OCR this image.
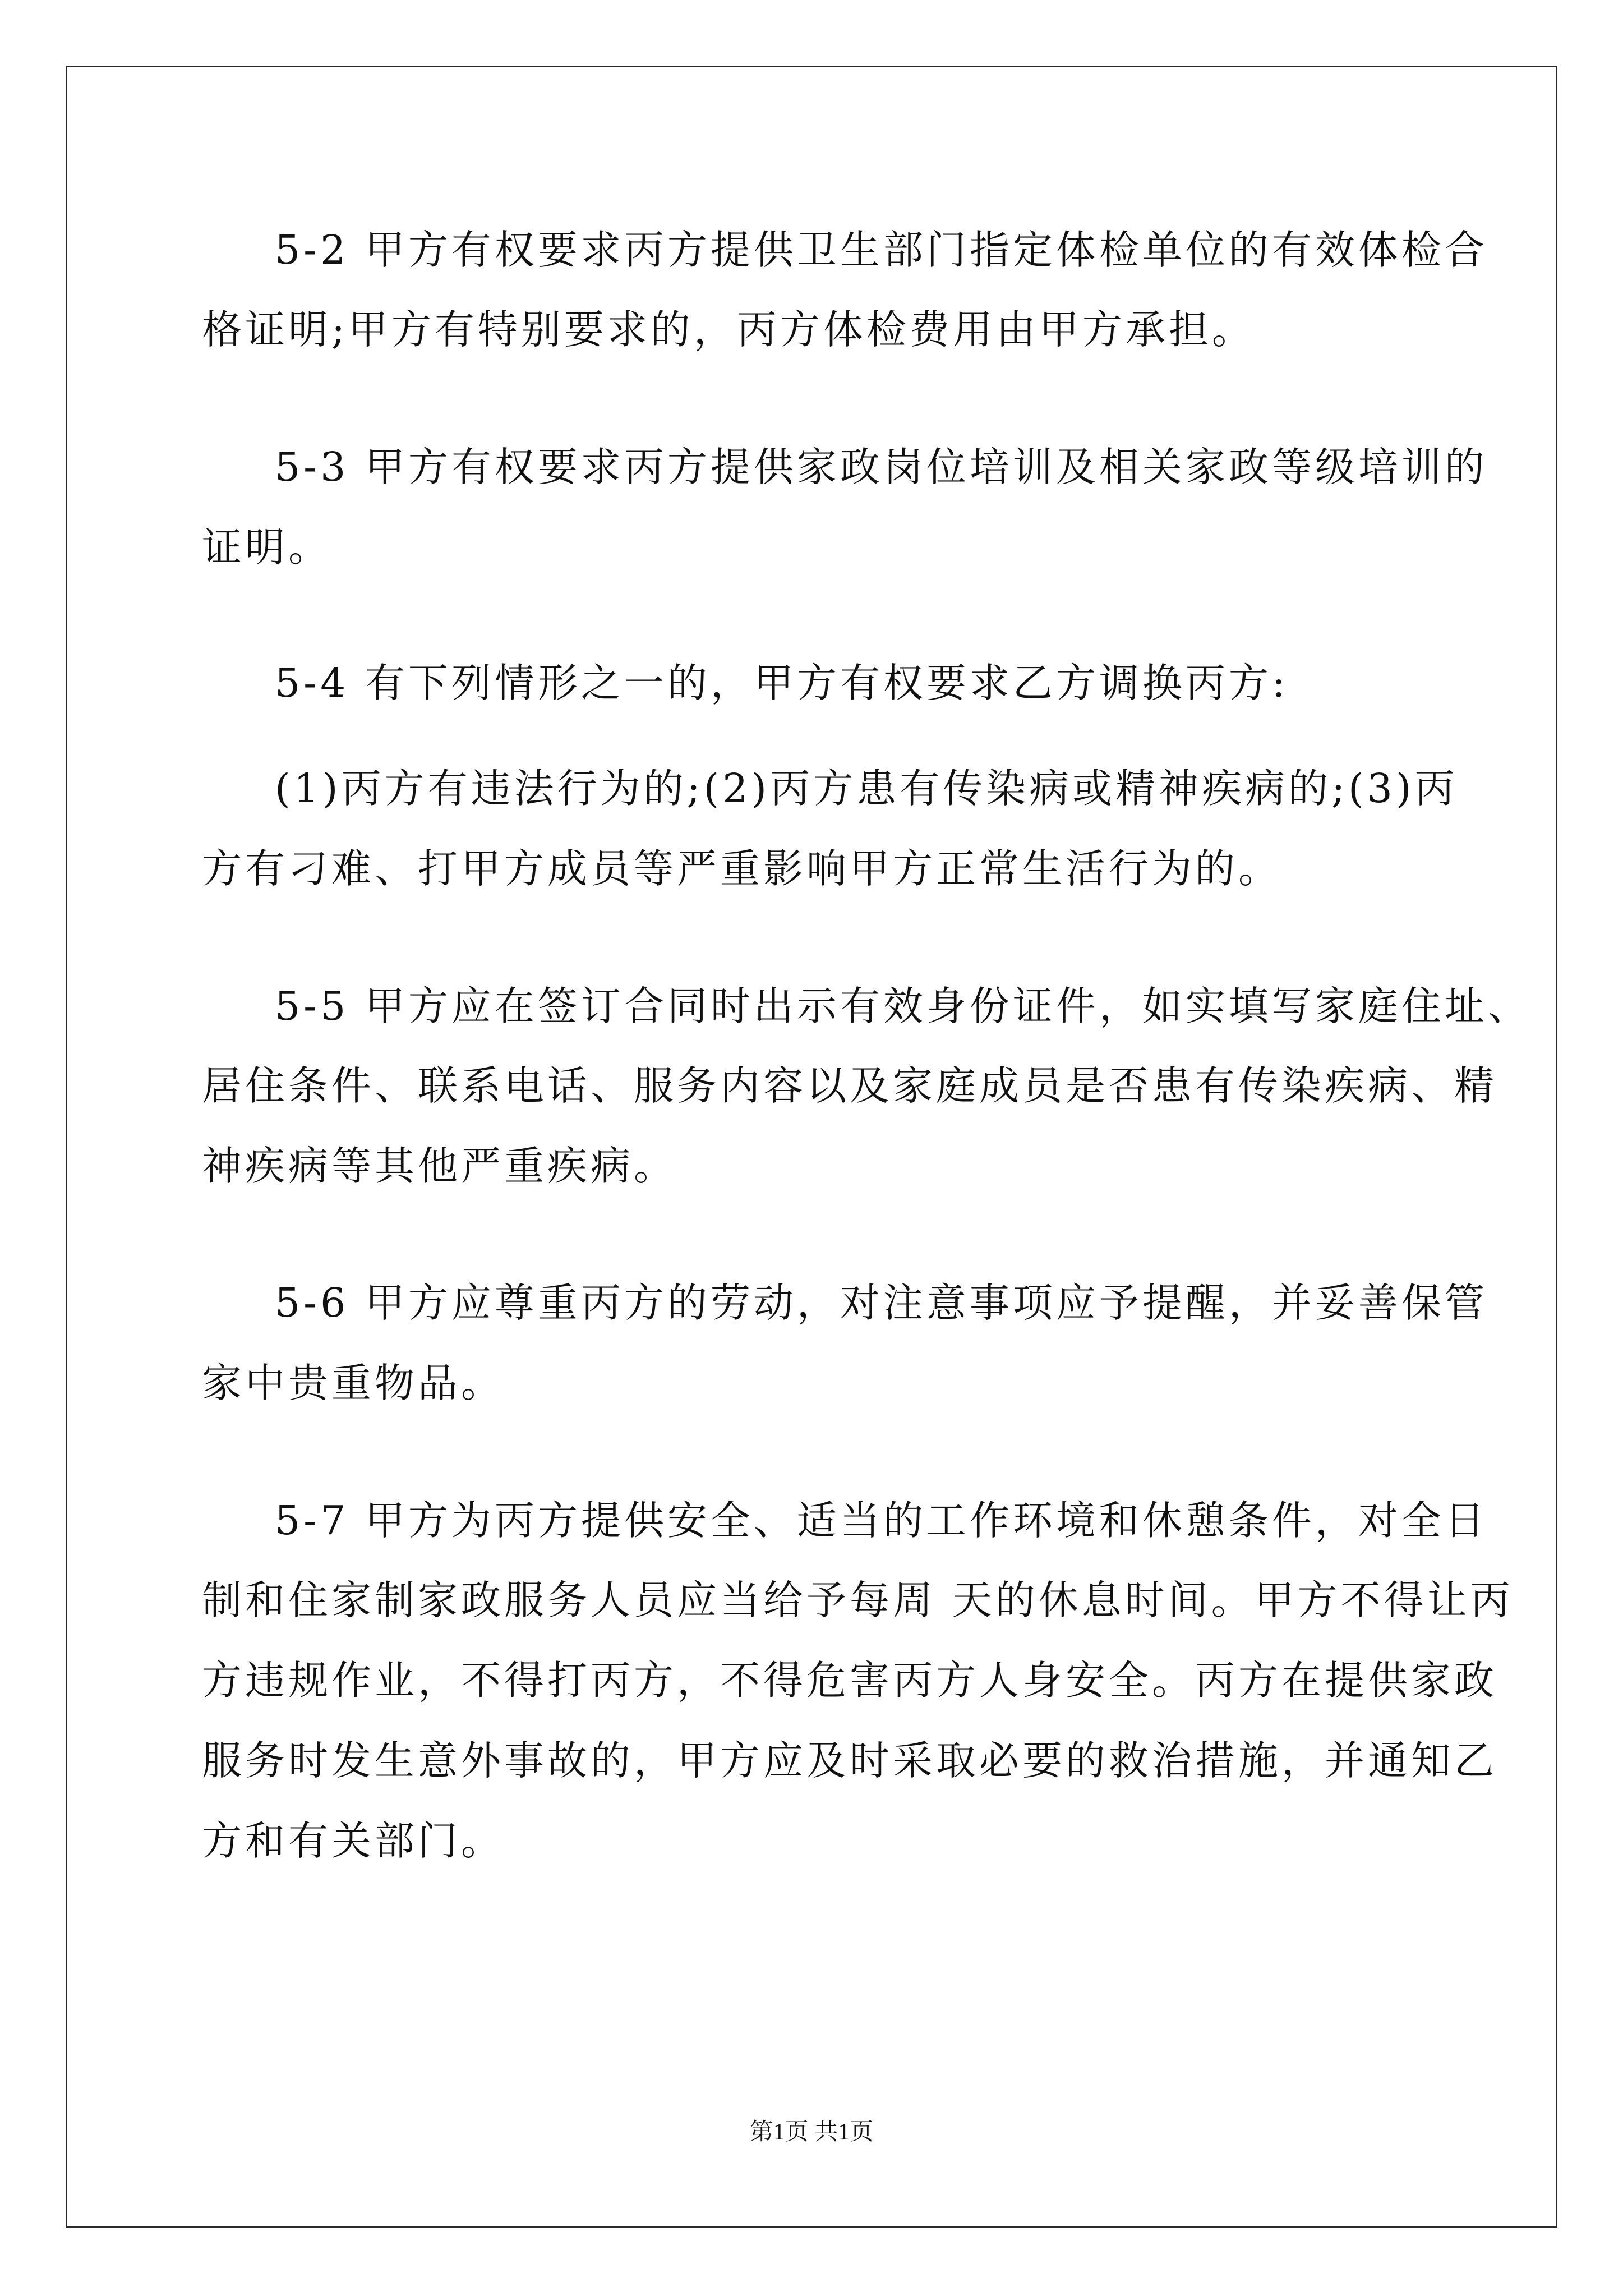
5-2 甲方有权要求丙方提供卫生部门指定体检单位的有效体检合
格证明;甲方有特别要求的，丙方体检费用由甲方承担。
5-3 甲方有权要求丙方提供家政岗位培训及相关家政等级培训的
证明。
5-4 有下列情形之一的，甲方有权要求乙方调换丙方:
(1)丙方有违法行为的;(2)丙方患有传染病或精神疾病的;(3)丙
方有刁难、打甲方成员等严重影响甲方正常生活行为的。
5-5 甲方应在签订合同时出示有效身份证件，如实填写家庭住址、
居住条件、联系电话、服务内容以及家庭成员是否患有传染疾病、精
神疾病等其他严重疾病。
5-6 甲方应尊重丙方的劳动，对注意事项应予提醒，并妥善保管
家中贵重物品。
5-7 甲方为丙方提供安全、适当的工作环境和休憩条件，对全日
制和住家制家政服务人员应当给予每周 天的休息时间。甲方不得让丙
方违规作业，不得打丙方，不得危害丙方人身安全。丙方在提供家政
服务时发生意外事故的，甲方应及时采取必要的救治措施，并通知乙
方和有关部门。
第1页 共1页
